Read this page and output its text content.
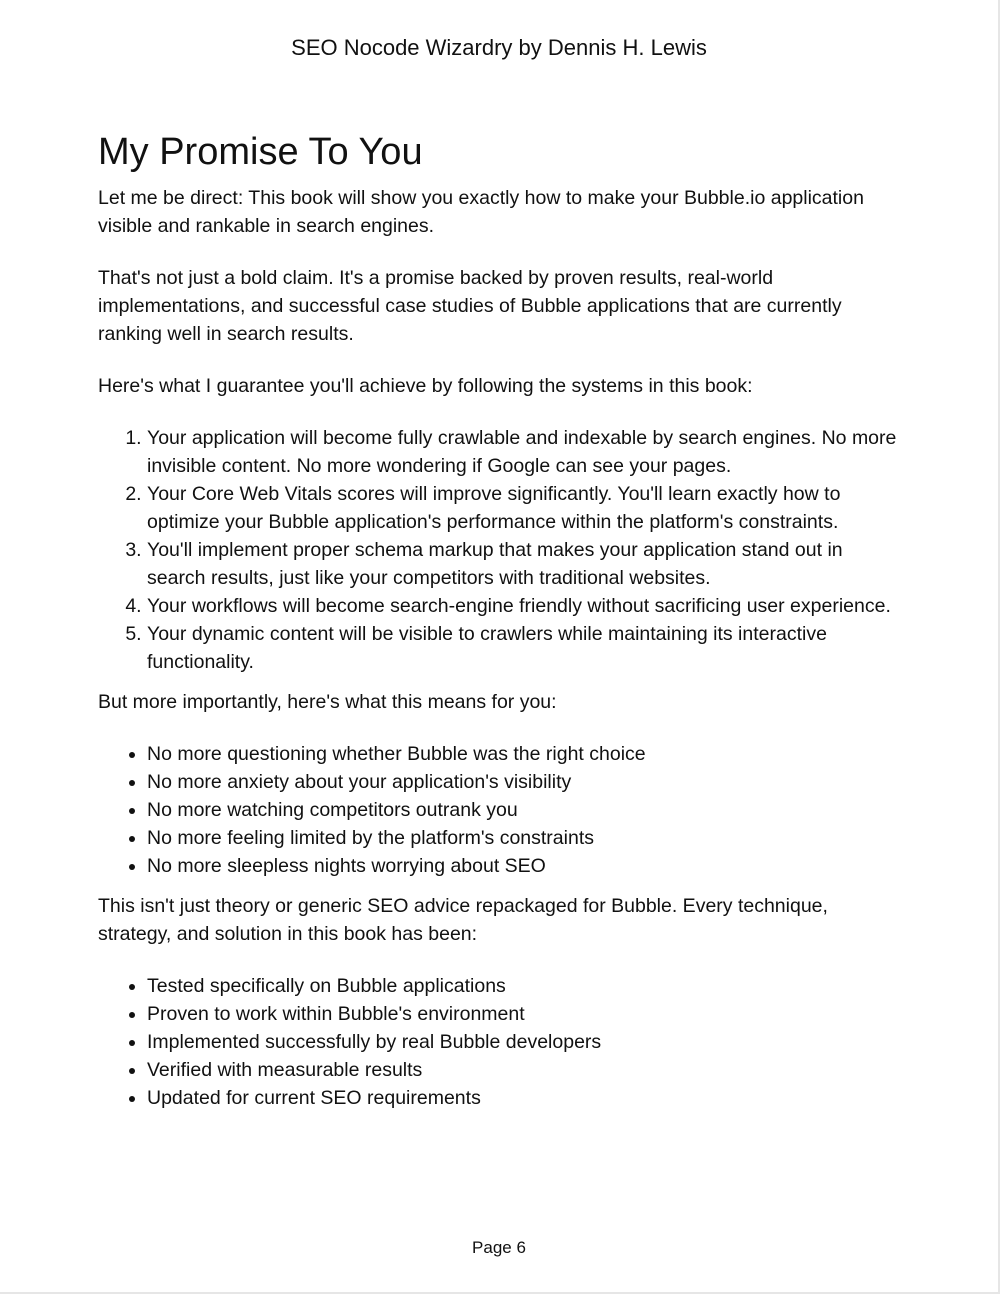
SEO Nocode Wizardry by Dennis H. Lewis
My Promise To You

Let me be direct: This book will show you exactly how to make your Bubble.io application visible and rankable in search engines.

That's not just a bold claim. It's a promise backed by proven results, real-world implementations, and successful case studies of Bubble applications that are currently ranking well in search results.

Here's what I guarantee you'll achieve by following the systems in this book:

1. Your application will become fully crawlable and indexable by search engines. No more invisible content. No more wondering if Google can see your pages.
2. Your Core Web Vitals scores will improve significantly. You'll learn exactly how to optimize your Bubble application's performance within the platform's constraints.
3. You'll implement proper schema markup that makes your application stand out in search results, just like your competitors with traditional websites.
4. Your workflows will become search-engine friendly without sacrificing user experience.
5. Your dynamic content will be visible to crawlers while maintaining its interactive functionality.

But more importantly, here's what this means for you:

• No more questioning whether Bubble was the right choice
• No more anxiety about your application's visibility
• No more watching competitors outrank you
• No more feeling limited by the platform's constraints
• No more sleepless nights worrying about SEO

This isn't just theory or generic SEO advice repackaged for Bubble. Every technique, strategy, and solution in this book has been:

• Tested specifically on Bubble applications
• Proven to work within Bubble's environment
• Implemented successfully by real Bubble developers
• Verified with measurable results
• Updated for current SEO requirements
Page 6
